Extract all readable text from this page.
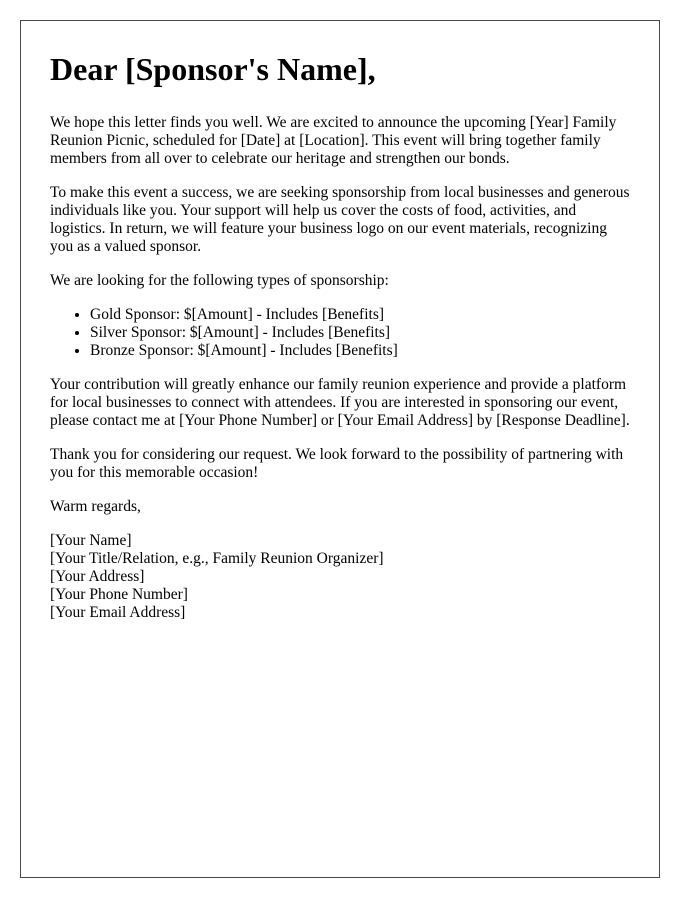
Dear [Sponsor's Name],

We hope this letter finds you well. We are excited to announce the upcoming [Year] Family Reunion Picnic, scheduled for [Date] at [Location]. This event will bring together family members from all over to celebrate our heritage and strengthen our bonds.

To make this event a success, we are seeking sponsorship from local businesses and generous individuals like you. Your support will help us cover the costs of food, activities, and logistics. In return, we will feature your business logo on our event materials, recognizing you as a valued sponsor.

We are looking for the following types of sponsorship:

• Gold Sponsor: $[Amount] - Includes [Benefits]
• Silver Sponsor: $[Amount] - Includes [Benefits]
• Bronze Sponsor: $[Amount] - Includes [Benefits]

Your contribution will greatly enhance our family reunion experience and provide a platform for local businesses to connect with attendees. If you are interested in sponsoring our event, please contact me at [Your Phone Number] or [Your Email Address] by [Response Deadline].

Thank you for considering our request. We look forward to the possibility of partnering with you for this memorable occasion!

Warm regards,

[Your Name]
[Your Title/Relation, e.g., Family Reunion Organizer]
[Your Address]
[Your Phone Number]
[Your Email Address]
